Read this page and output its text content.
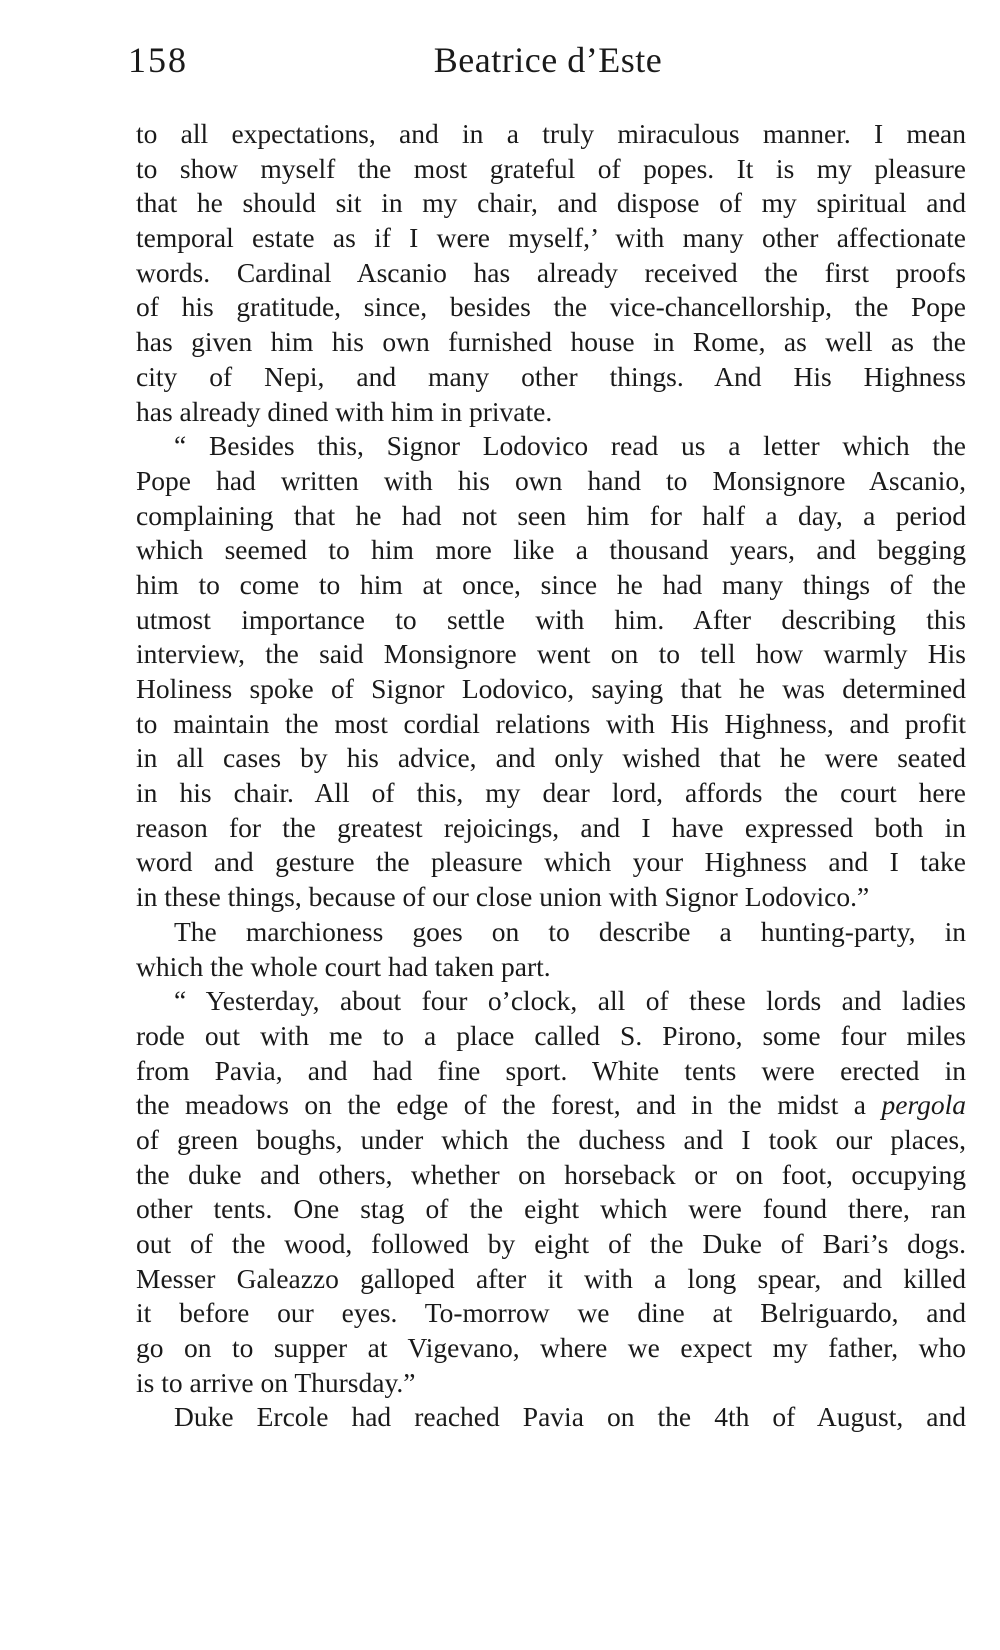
158	Beatrice d’Este
to all expectations, and in a truly miraculous manner. I mean
to show myself the most grateful of popes. It is my pleasure
that he should sit in my chair, and dispose of my spiritual and
temporal estate as if I were myself,’ with many other affectionate
words. Cardinal Ascanio has already received the first proofs
of his gratitude, since, besides the vice-chancellorship, the Pope
has given him his own furnished house in Rome, as well as the
city of Nepi, and many other things. And His Highness
has already dined with him in private.
“ Besides this, Signor Lodovico read us a letter which the
Pope had written with his own hand to Monsignore Ascanio,
complaining that he had not seen him for half a day, a period
which seemed to him more like a thousand years, and begging
him to come to him at once, since he had many things of the
utmost importance to settle with him. After describing this
interview, the said Monsignore went on to tell how warmly His
Holiness spoke of Signor Lodovico, saying that he was determined
to maintain the most cordial relations with His Highness, and profit
in all cases by his advice, and only wished that he were seated
in his chair. All of this, my dear lord, affords the court here
reason for the greatest rejoicings, and I have expressed both in
word and gesture the pleasure which your Highness and I take
in these things, because of our close union with Signor Lodovico.”
The marchioness goes on to describe a hunting-party, in
which the whole court had taken part.
“ Yesterday, about four o’clock, all of these lords and ladies
rode out with me to a place called S. Pirono, some four miles
from Pavia, and had fine sport. White tents were erected in
the meadows on the edge of the forest, and in the midst a pergola
of green boughs, under which the duchess and I took our places,
the duke and others, whether on horseback or on foot, occupying
other tents. One stag of the eight which were found there, ran
out of the wood, followed by eight of the Duke of Bari’s dogs.
Messer Galeazzo galloped after it with a long spear, and killed
it before our eyes. To-morrow we dine at Belriguardo, and
go on to supper at Vigevano, where we expect my father, who
is to arrive on Thursday.”
Duke Ercole had reached Pavia on the 4th of August, and
